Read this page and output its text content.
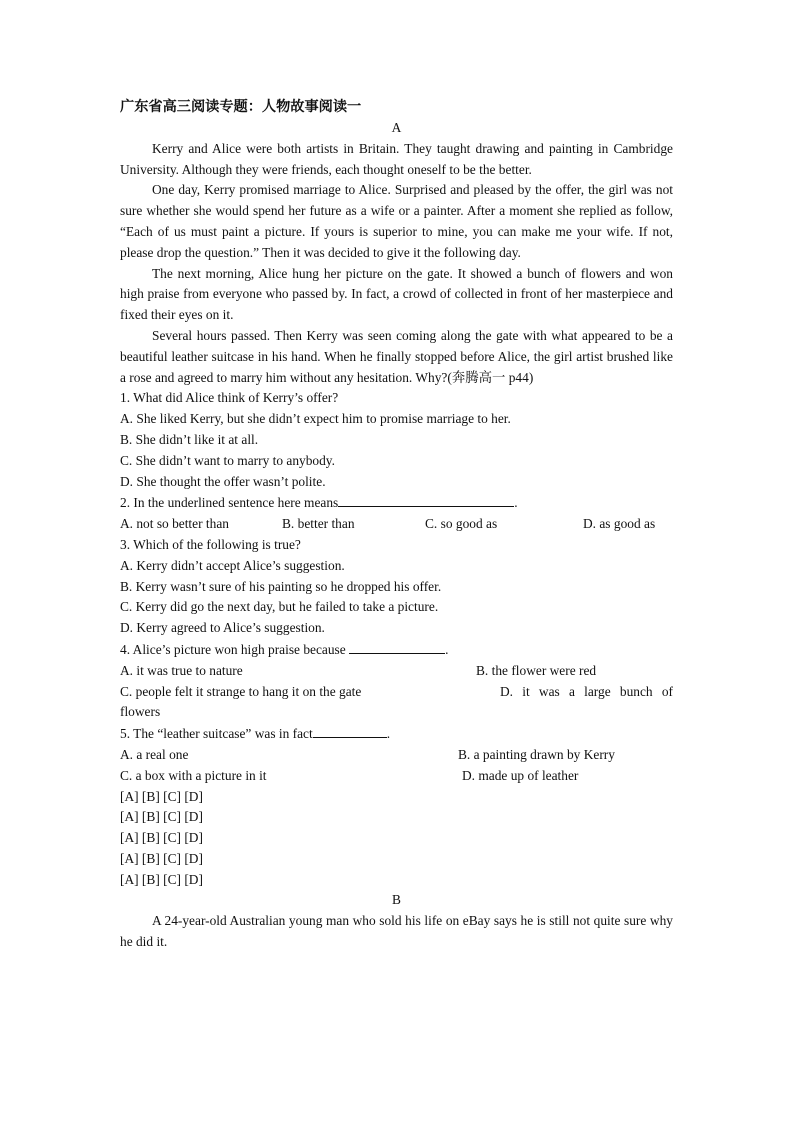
广东省高三阅读专题：人物故事阅读一

A

Kerry and Alice were both artists in Britain. They taught drawing and painting in Cambridge University. Although they were friends, each thought oneself to be the better.

One day, Kerry promised marriage to Alice. Surprised and pleased by the offer, the girl was not sure whether she would spend her future as a wife or a painter. After a moment she replied as follow, “Each of us must paint a picture. If yours is superior to mine, you can make me your wife. If not, please drop the question.” Then it was decided to give it the following day.

The next morning, Alice hung her picture on the gate. It showed a bunch of flowers and won high praise from everyone who passed by. In fact, a crowd of collected in front of her masterpiece and fixed their eyes on it.

Several hours passed. Then Kerry was seen coming along the gate with what appeared to be a beautiful leather suitcase in his hand. When he finally stopped before Alice, the girl artist brushed like a rose and agreed to marry him without any hesitation. Why?(奔腾高一 p44)

1. What did Alice think of Kerry’s offer?

A. She liked Kerry, but she didn’t expect him to promise marriage to her.

B. She didn’t like it at all.

C. She didn’t want to marry to anybody.

D. She thought the offer wasn’t polite.

2. In the underlined sentence here means	.

A. not so better than	B. better than	C. so good as	D. as good as

3. Which of the following is true?

A. Kerry didn’t accept Alice’s suggestion.

B. Kerry wasn’t sure of his painting so he dropped his offer.

C. Kerry did go the next day, but he failed to take a picture.

D. Kerry agreed to Alice’s suggestion.

4. Alice’s picture won high praise because	.

A. it was true to nature	B. the flower were red
C. people felt it strange to hang it on the gate	D. it was a large bunch of

flowers

5. The “leather suitcase” was in fact	.

A. a real one	B. a painting drawn by Kerry
C. a box with a picture in it	D. made up of leather

[A] [B] [C] [D]

[A] [B] [C] [D]

[A] [B] [C] [D]

[A] [B] [C] [D]

[A] [B] [C] [D]

B

A 24-year-old Australian young man who sold his life on eBay says he is still not quite sure why he did it.
